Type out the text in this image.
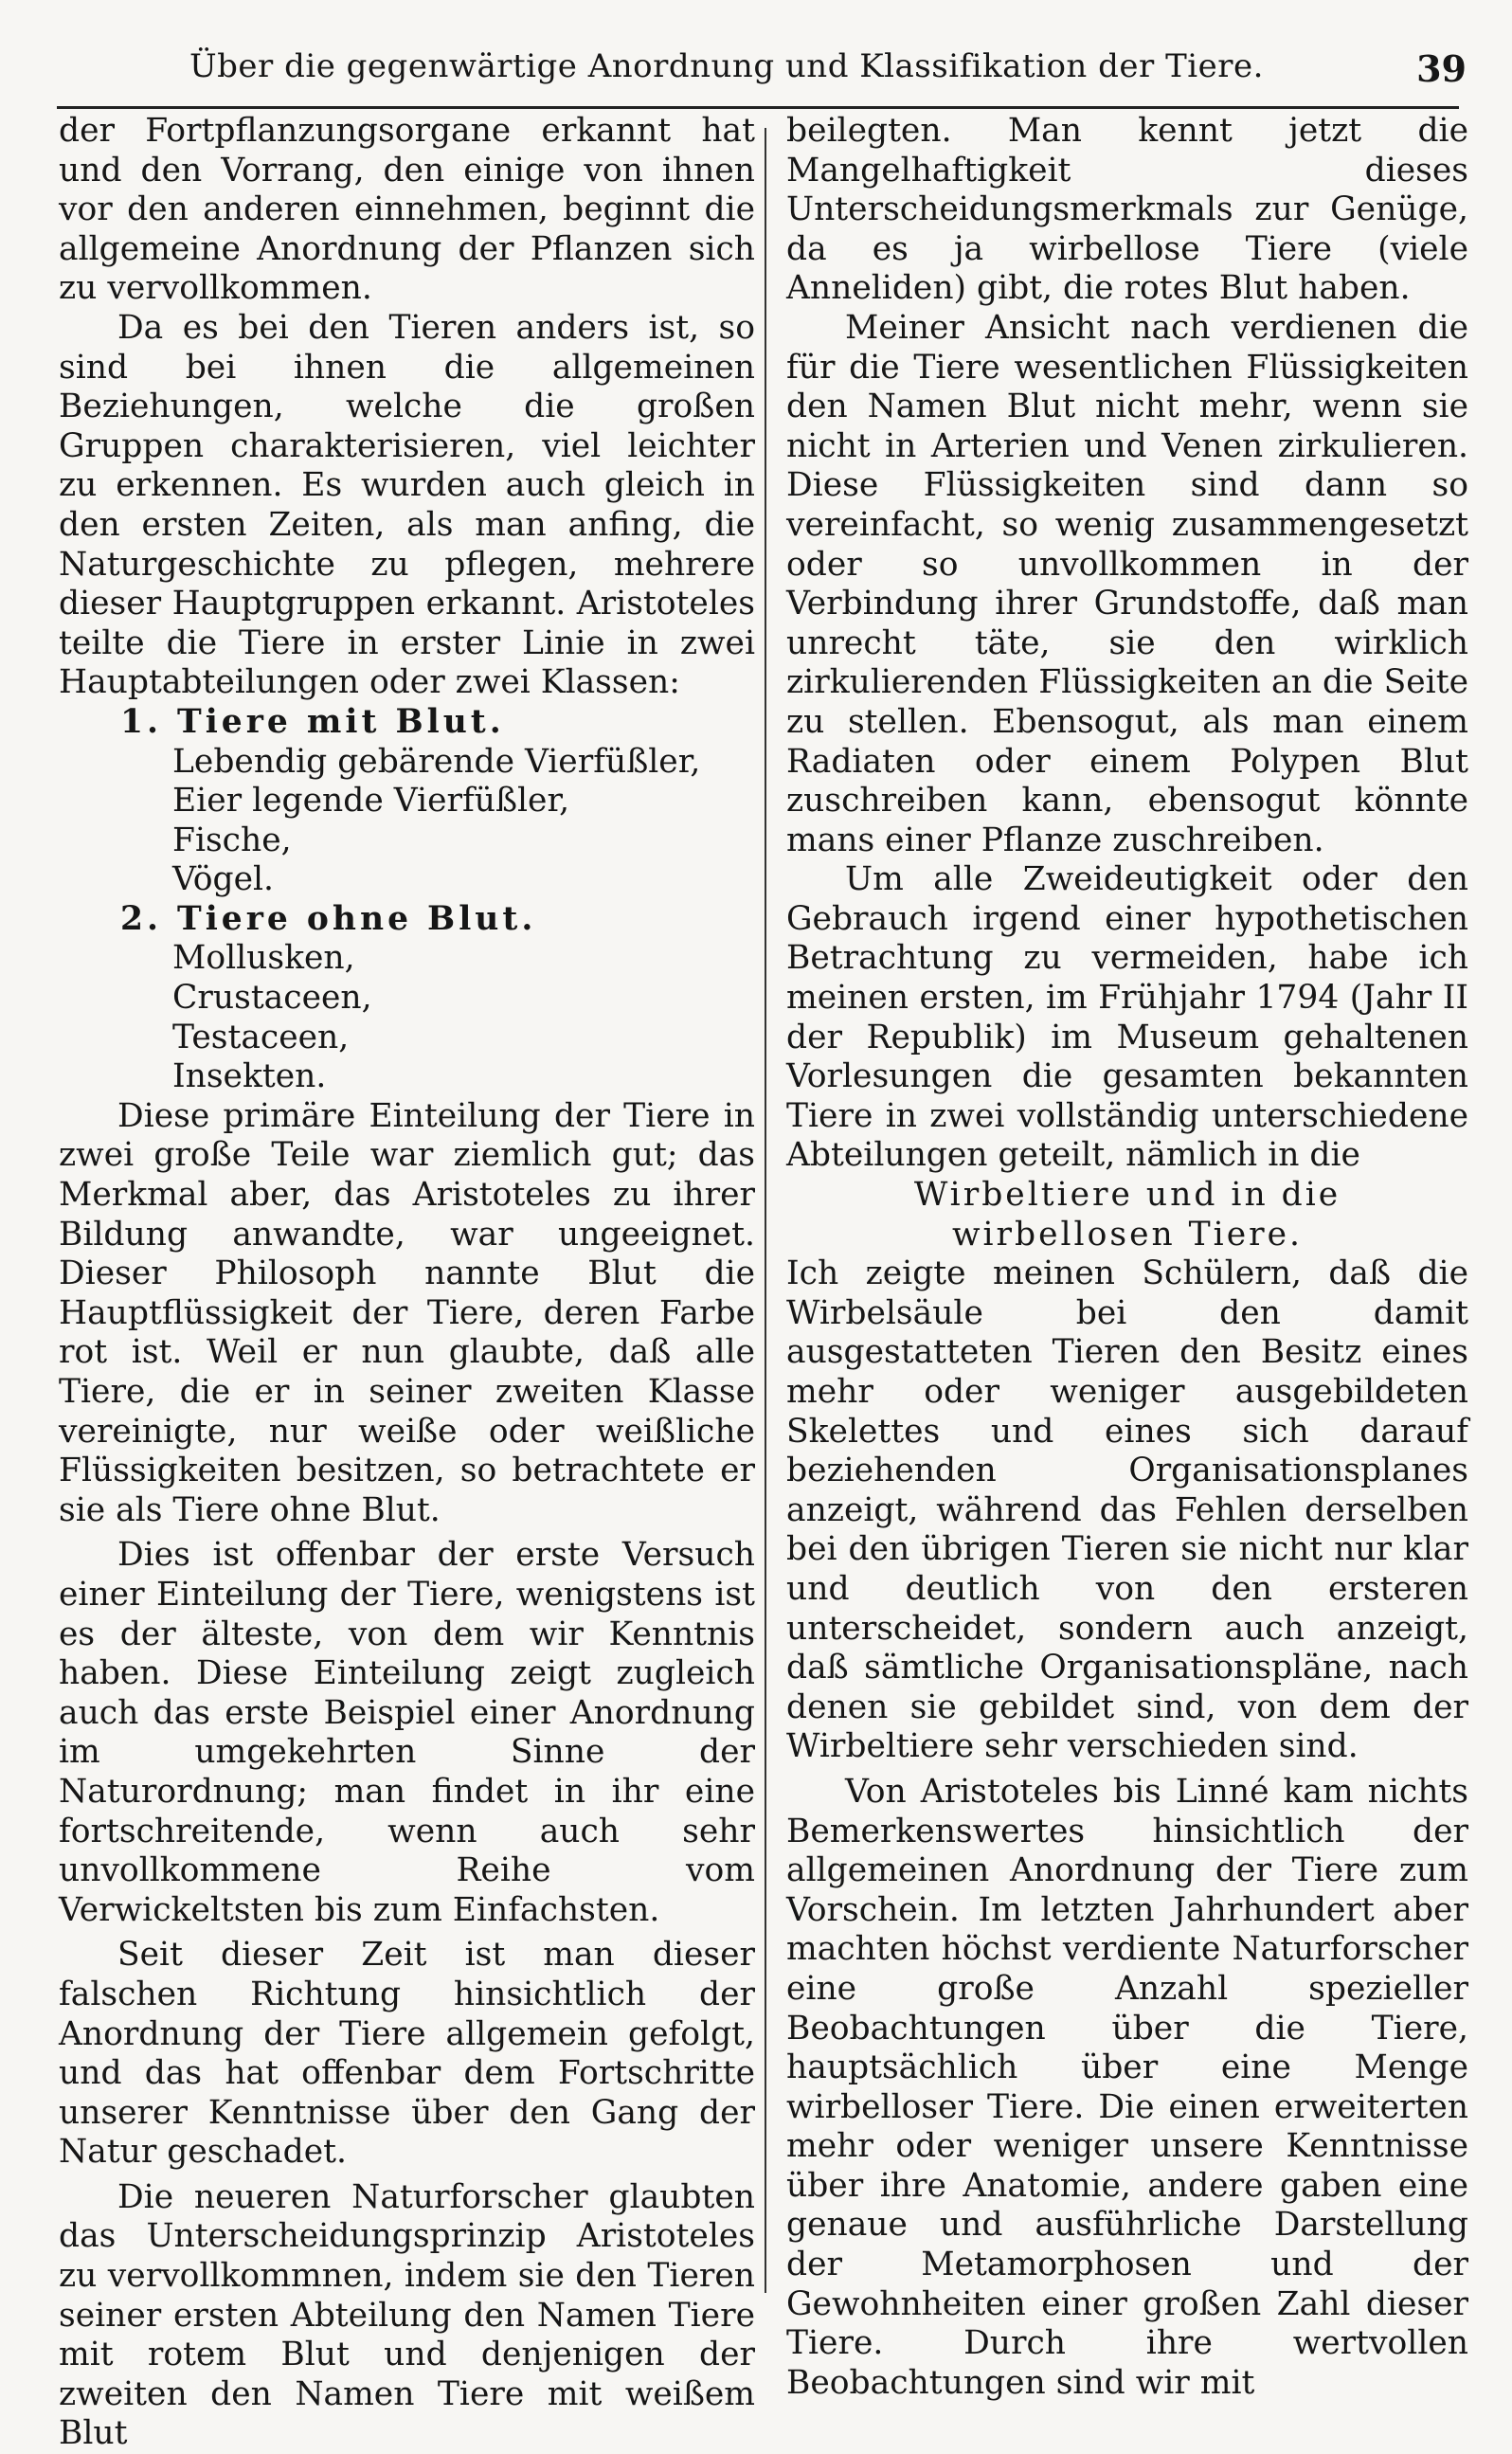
Über die gegenwärtige Anordnung und Klassifikation der Tiere.	39

der Fortpflanzungsorgane erkannt hat und den Vorrang, den einige von ihnen vor den anderen einnehmen, beginnt die allgemeine Anordnung der Pflanzen sich zu vervollkommen.

Da es bei den Tieren anders ist, so sind bei ihnen die allgemeinen Beziehungen, welche die großen Gruppen charakterisieren, viel leichter zu erkennen. Es wurden auch gleich in den ersten Zeiten, als man anfing, die Naturgeschichte zu pflegen, mehrere dieser Hauptgruppen erkannt. Aristoteles teilte die Tiere in erster Linie in zwei Hauptabteilungen oder zwei Klassen:

1. Tiere mit Blut.

Lebendig gebärende Vierfüßler,

Eier legende Vierfüßler,

Fische,

Vögel.

2. Tiere ohne Blut.

Mollusken,

Crustaceen,

Testaceen,

Insekten.

Diese primäre Einteilung der Tiere in zwei große Teile war ziemlich gut; das Merkmal aber, das Aristoteles zu ihrer Bildung anwandte, war ungeeignet. Dieser Philosoph nannte Blut die Hauptflüssigkeit der Tiere, deren Farbe rot ist. Weil er nun glaubte, daß alle Tiere, die er in seiner zweiten Klasse vereinigte, nur weiße oder weißliche Flüssigkeiten besitzen, so betrachtete er sie als Tiere ohne Blut.

Dies ist offenbar der erste Versuch einer Einteilung der Tiere, wenigstens ist es der älteste, von dem wir Kenntnis haben. Diese Einteilung zeigt zugleich auch das erste Beispiel einer Anordnung im umgekehrten Sinne der Naturordnung; man findet in ihr eine fortschreitende, wenn auch sehr unvollkommene Reihe vom Verwickeltsten bis zum Einfachsten.

Seit dieser Zeit ist man dieser falschen Richtung hinsichtlich der Anordnung der Tiere allgemein gefolgt, und das hat offenbar dem Fortschritte unserer Kenntnisse über den Gang der Natur geschadet.

Die neueren Naturforscher glaubten das Unterscheidungsprinzip Aristoteles zu vervollkommnen, indem sie den Tieren seiner ersten Abteilung den Namen Tiere mit rotem Blut und denjenigen der zweiten den Namen Tiere mit weißem Blut

beilegten. Man kennt jetzt die Mangelhaftigkeit dieses Unterscheidungsmerkmals zur Genüge, da es ja wirbellose Tiere (viele Anneliden) gibt, die rotes Blut haben.

Meiner Ansicht nach verdienen die für die Tiere wesentlichen Flüssigkeiten den Namen Blut nicht mehr, wenn sie nicht in Arterien und Venen zirkulieren. Diese Flüssigkeiten sind dann so vereinfacht, so wenig zusammengesetzt oder so unvollkommen in der Verbindung ihrer Grundstoffe, daß man unrecht täte, sie den wirklich zirkulierenden Flüssigkeiten an die Seite zu stellen. Ebensogut, als man einem Radiaten oder einem Polypen Blut zuschreiben kann, ebensogut könnte mans einer Pflanze zuschreiben.

Um alle Zweideutigkeit oder den Gebrauch irgend einer hypothetischen Betrachtung zu vermeiden, habe ich meinen ersten, im Frühjahr 1794 (Jahr II der Republik) im Museum gehaltenen Vorlesungen die gesamten bekannten Tiere in zwei vollständig unterschiedene Abteilungen geteilt, nämlich in die

Wirbeltiere und in die

wirbellosen Tiere.

Ich zeigte meinen Schülern, daß die Wirbelsäule bei den damit ausgestatteten Tieren den Besitz eines mehr oder weniger ausgebildeten Skelettes und eines sich darauf beziehenden Organisationsplanes anzeigt, während das Fehlen derselben bei den übrigen Tieren sie nicht nur klar und deutlich von den ersteren unterscheidet, sondern auch anzeigt, daß sämtliche Organisationspläne, nach denen sie gebildet sind, von dem der Wirbeltiere sehr verschieden sind.

Von Aristoteles bis Linné kam nichts Bemerkenswertes hinsichtlich der allgemeinen Anordnung der Tiere zum Vorschein. Im letzten Jahrhundert aber machten höchst verdiente Naturforscher eine große Anzahl spezieller Beobachtungen über die Tiere, hauptsächlich über eine Menge wirbelloser Tiere. Die einen erweiterten mehr oder weniger unsere Kenntnisse über ihre Anatomie, andere gaben eine genaue und ausführliche Darstellung der Metamorphosen und der Gewohnheiten einer großen Zahl dieser Tiere. Durch ihre wertvollen Beobachtungen sind wir mit
